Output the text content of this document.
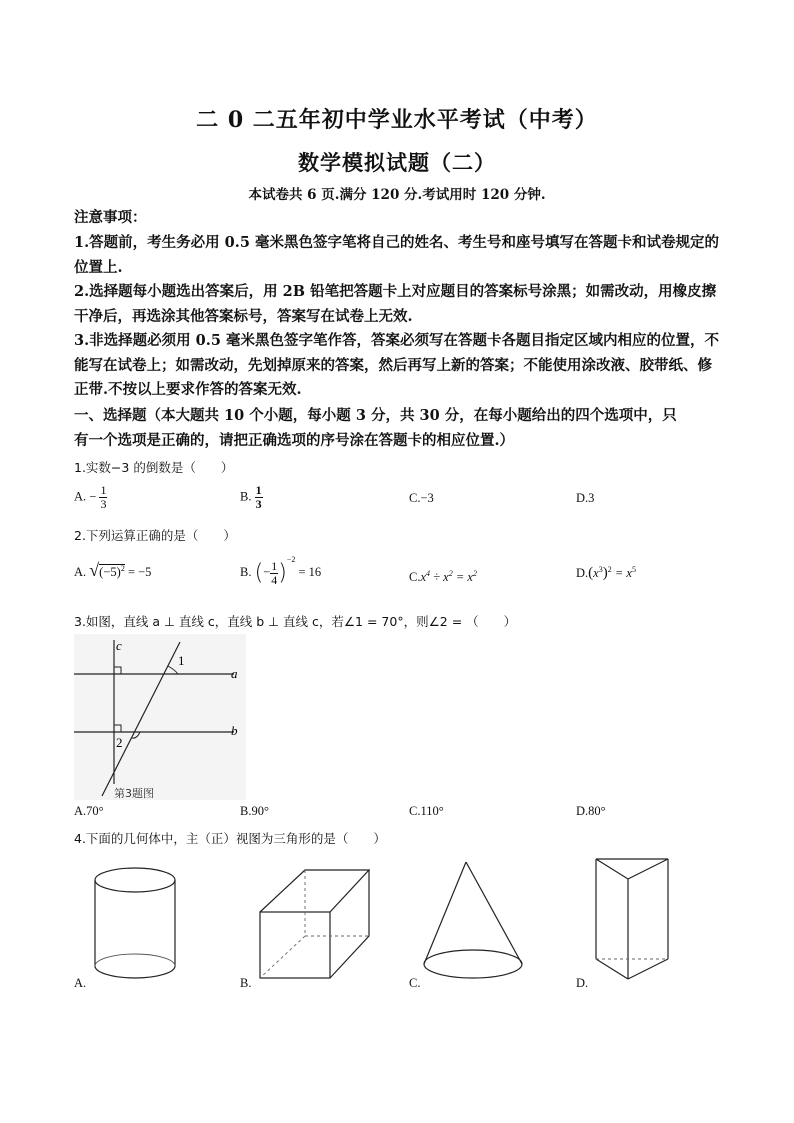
二 0 二五年初中学业水平考试（中考）
数学模拟试题（二）
本试卷共 6 页.满分 120 分.考试用时 120 分钟.
注意事项：
1.答题前，考生务必用 0.5 毫米黑色签字笔将自己的姓名、考生号和座号填写在答题卡和试卷规定的位置上.
2.选择题每小题选出答案后，用 2B 铅笔把答题卡上对应题目的答案标号涂黑；如需改动，用橡皮擦干净后，再选涂其他答案标号，答案写在试卷上无效.
3.非选择题必须用 0.5 毫米黑色签字笔作答，答案必须写在答题卡各题目指定区域内相应的位置，不能写在试卷上；如需改动，先划掉原来的答案，然后再写上新的答案；不能使用涂改液、胶带纸、修正带.不按以上要求作答的答案无效.
一、选择题（本大题共 10 个小题，每小题 3 分，共 30 分，在每小题给出的四个选项中，只
有一个选项是正确的，请把正确选项的序号涂在答题卡的相应位置.）
1.实数−3 的倒数是（　　）
A. − $\frac{1}{3}$	B. $\frac{1}{3}$	C.−3	D.3
2.下列运算正确的是（　　）
A. $√(-5)^2 = -5$	B. (− $\frac{1}{4} )^{-2} = 16$	$C.x^4 \div x^2 = x^2$	$D.(x^3)^2 = x^5$
3.如图，直线 a ⊥ 直线 c，直线 b ⊥ 直线 c，若∠1 = 70°，则∠2 = （　　）
c
a
b
1
2
第3题图
A.70°	B.90°	C.110°	D.80°
4.下面的几何体中，主（正）视图为三角形的是（　　）
A.	B.	C.	D.
